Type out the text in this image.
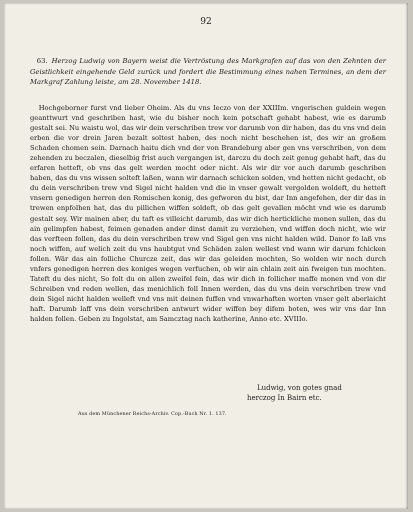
92
63. Herzog Ludwig von Bayern weist die Vertröstung des Markgrafen auf das von den Zehnten der Geistlichkeit eingehende Geld zurück und fordert die Bestimmung eines nahen Termines, an dem der Markgraf Zahlung leiste, am 28. November 1418.
Hochgeborner furst vnd lieber Oheim. Als du vns Ieczo von der XXIIIm. vngerischen guldein wegen geanttwurt vnd geschriben hast, wie du bisher noch kein potschaft gehabt habest, wie es darumb gestalt sei. Nu waistu wol, das wir dein verschriben trew vor darumb von dir haben, das du vns vnd dein erben die vor drein Jaren bezalt soltest haben, des noch nicht beschehen ist, des wir an großem Schaden chomen sein. Darnach haitu dich vnd der von Brandeburg aber gen vns verschriben, von dem zehenden zu beczalen, dieselbig frist auch vergangen ist, darczu du doch zeit genug gehabt haft, das du erfaren hetteft, ob vns das gelt werden mocht oder nicht. Als wir dir vor auch darumb geschriben haben, das du vns wissen solteft laßen, wann wir darnach schicken solden, vnd hetten nicht gedacht, ob du dein verschriben trew vnd Sigel nicht halden vnd die in vnser gewalt vergolden woldeft, du hetteft vnsern genedigen herren den Romischen konig, des gefworen du bist, dar Inn angefehen, der dir das in trewen enpfolhen hat, das du pillichen wiffen soldeft, ob das gelt gevallen möcht vnd wie es darumb gestalt sey. Wir mainen aber, du taft es villeicht darumb, das wir dich hertickliche monen sullen, das du ain gelimpfen habest, feimen genaden ander dinst damit zu verziehen, vnd wiffen doch nicht, wie wir das verfteen follen, das du dein verschriben trew vnd Sigel gen vns nicht halden wild. Danor fo laß vns noch wiffen, auf welich zeit du vns haubtgut vnd Schäden zalen wellest vnd wann wir darum fchicken follen. Wär das ain folliche Churcze zeit, das wir das geleiden mochten, So wolden wir noch durch vnfers genedigen herren des koniges wegen verfuchen, ob wir ain chlain zeit ain fweigen tun mochten. Tateft du des nicht, So folt du on allen zweifel fein, das wir dich in follicher maffe monen vnd von dir Schreiben vnd reden wellen, das menichlich foll Innen werden, das du vns dein verschriben trew vnd dein Sigel nicht halden welleft vnd vns mit deinen fuffen vnd vnwarhaften worten vnser gelt aberlaicht haft. Darumb laff vns dein verschriben antwurt wider wiffen bey difem boten, wes wir vns dar Inn halden follen. Geben zu Ingolstat, am Samcztag nach katherine, Anno etc. XVIIIo.
Ludwig, von gotes gnad
herczog In Bairn etc.
Aus dem Münchener Reichs-Archiv. Cop.-Buch Nr. 1. 137.
